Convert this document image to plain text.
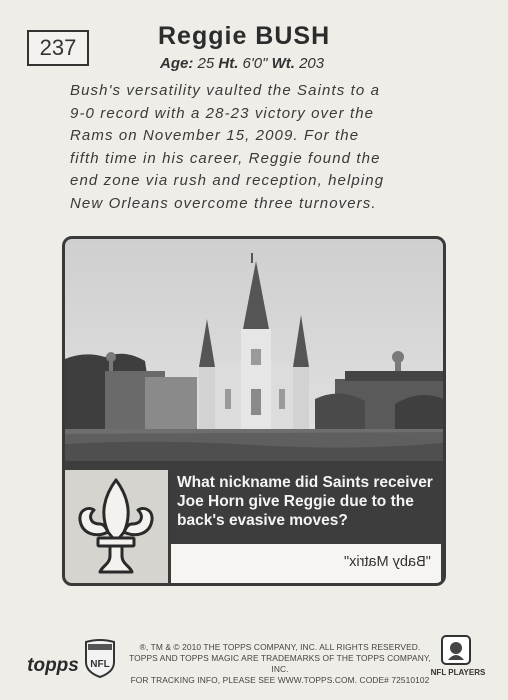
237	Reggie BUSH
Age: 25 Ht. 6'0" Wt. 203
Bush's versatility vaulted the Saints to a
9-0 record with a 28-23 victory over the
Rams on November 15, 2009. For the
fifth time in his career, Reggie found the
end zone via rush and reception, helping
New Orleans overcome three turnovers.
What nickname did Saints receiver Joe Horn give Reggie due to the back's evasive moves?
"Baby Matrix"
topps NFL
®, TM & © 2010 THE TOPPS COMPANY, INC. ALL RIGHTS RESERVED.
TOPPS AND TOPPS MAGIC ARE TRADEMARKS OF THE TOPPS COMPANY, INC.
FOR TRACKING INFO, PLEASE SEE WWW.TOPPS.COM. CODE# 72510102
NFL PLAYERS
